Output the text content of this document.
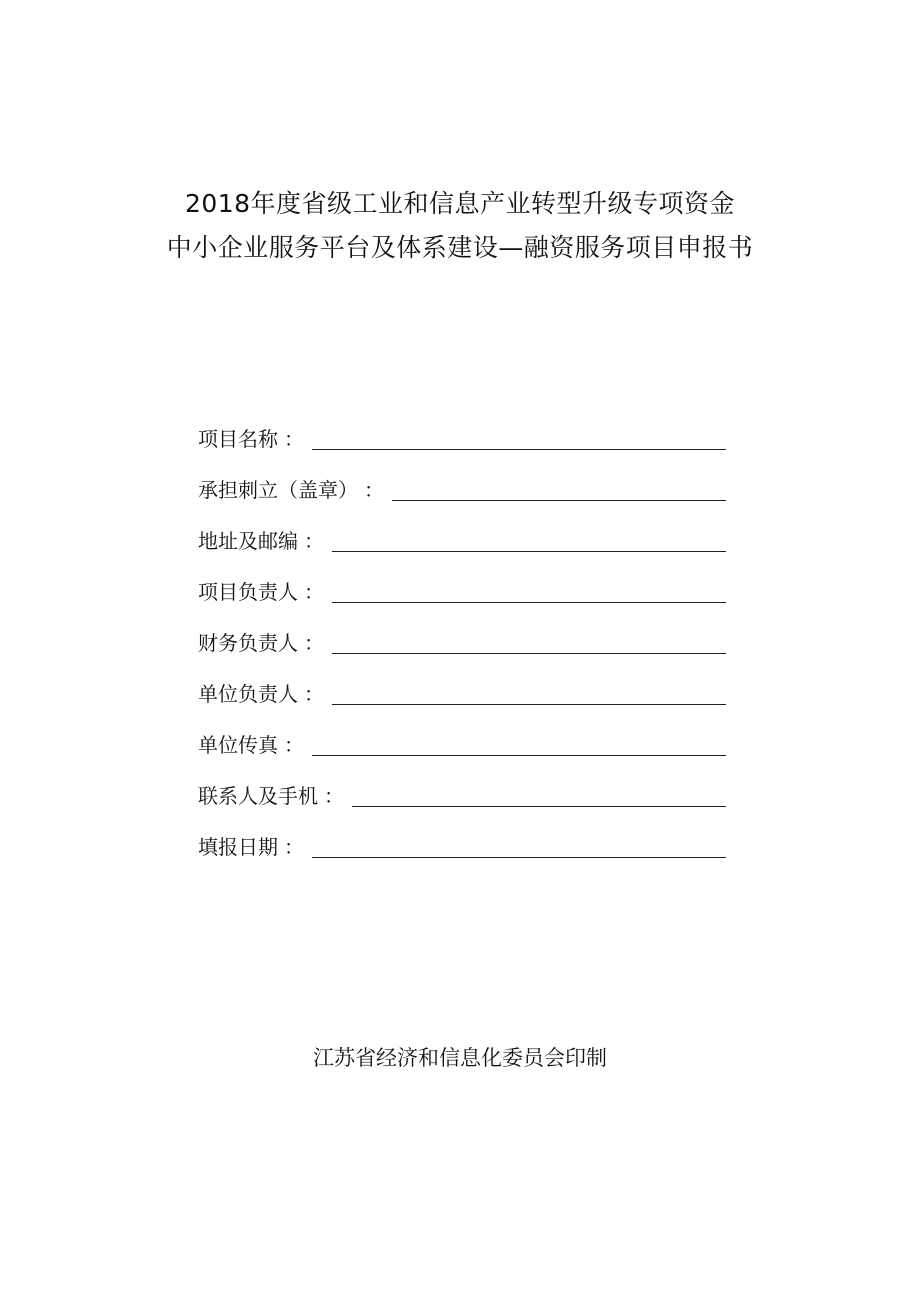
2018年度省级工业和信息产业转型升级专项资金
中小企业服务平台及体系建设—融资服务项目申报书
项目名称 ：
承担刺立（盖章） ：
地址及邮编 ：
项目负责人 ：
财务负责人 ：
单位负责人 ：
单位传真 ：
联系人及手机 ：
填报日期 ：
江苏省经济和信息化委员会印制
